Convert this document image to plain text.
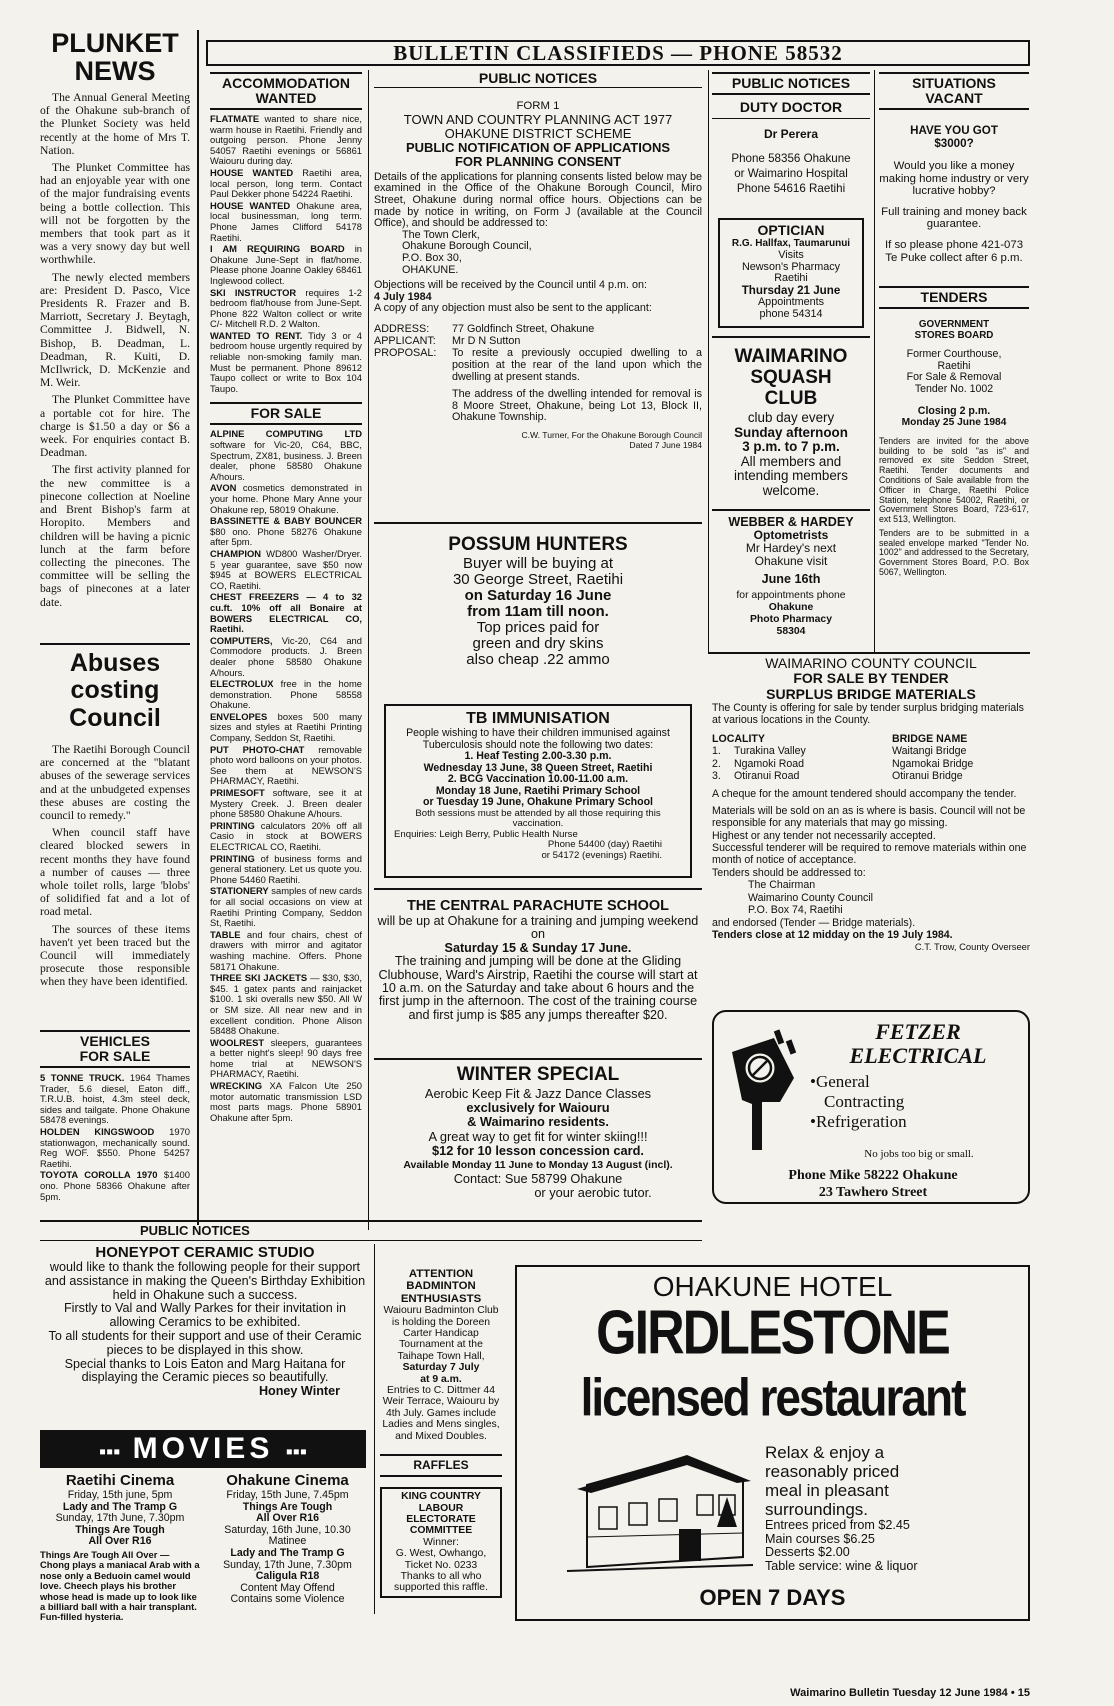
PLUNKET
NEWS

The Annual General Meeting of the Ohakune sub-branch of the Plunket Society was held recently at the home of Mrs T. Nation.

The Plunket Committee has had an enjoyable year with one of the major fundraising events being a bottle collection. This will not be forgotten by the members that took part as it was a very snowy day but well worthwhile.

The newly elected members are: President D. Pasco, Vice Presidents R. Frazer and B. Marriott, Secretary J. Beytagh, Committee J. Bidwell, N. Bishop, B. Deadman, L. Deadman, R. Kuiti, D. McIlwrick, D. McKenzie and M. Weir.

The Plunket Committee have a portable cot for hire. The charge is $1.50 a day or $6 a week. For enquiries contact B. Deadman.

The first activity planned for the new committee is a pinecone collection at Noeline and Brent Bishop's farm at Horopito. Members and children will be having a picnic lunch at the farm before collecting the pinecones. The committee will be selling the bags of pinecones at a later date.

Abuses
costing
Council

The Raetihi Borough Council are concerned at the "blatant abuses of the sewerage services and at the unbudgeted expenses these abuses are costing the council to remedy."

When council staff have cleared blocked sewers in recent months they have found a number of causes — three whole toilet rolls, large 'blobs' of solidified fat and a lot of road metal.

The sources of these items haven't yet been traced but the Council will immediately prosecute those responsible when they have been identified.

VEHICLES
FOR SALE

5 TONNE TRUCK. 1964 Thames Trader, 5.6 diesel, Eaton diff., T.R.U.B. hoist, 4.3m steel deck, sides and tailgate. Phone Ohakune 58478 evenings.

HOLDEN KINGSWOOD 1970 stationwagon, mechanically sound. Reg WOF. $550. Phone 54257 Raetihi.

TOYOTA COROLLA 1970 $1400 ono. Phone 58366 Ohakune after 5pm.

BULLETIN CLASSIFIEDS — PHONE 58532
ACCOMMODATION
WANTED

FLATMATE wanted to share nice, warm house in Raetihi. Friendly and outgoing person. Phone Jenny 54057 Raetihi evenings or 56861 Waiouru during day.

HOUSE WANTED Raetihi area, local person, long term. Contact Paul Dekker phone 54224 Raetihi.

HOUSE WANTED Ohakune area, local businessman, long term. Phone James Clifford 54178 Raetihi.

I AM REQUIRING BOARD in Ohakune June-Sept in flat/home. Please phone Joanne Oakley 68461 Inglewood collect.

SKI INSTRUCTOR requires 1-2 bedroom flat/house from June-Sept. Phone 822 Walton collect or write C/- Mitchell R.D. 2 Walton.

WANTED TO RENT. Tidy 3 or 4 bedroom house urgently required by reliable non-smoking family man. Must be permanent. Phone 89612 Taupo collect or write to Box 104 Taupo.

FOR SALE

ALPINE COMPUTING LTD software for Vic-20, C64, BBC, Spectrum, ZX81, business. J. Breen dealer, phone 58580 Ohakune A/hours.

AVON cosmetics demonstrated in your home. Phone Mary Anne your Ohakune rep, 58019 Ohakune.

BASSINETTE & BABY BOUNCER $80 ono. Phone 58276 Ohakune after 5pm.

CHAMPION WD800 Washer/Dryer. 5 year guarantee, save $50 now $945 at BOWERS ELECTRICAL CO, Raetihi.

CHEST FREEZERS — 4 to 32 cu.ft. 10% off all Bonaire at BOWERS ELECTRICAL CO, Raetihi.

COMPUTERS, Vic-20, C64 and Commodore products. J. Breen dealer phone 58580 Ohakune A/hours.

ELECTROLUX free in the home demonstration. Phone 58558 Ohakune.

ENVELOPES boxes 500 many sizes and styles at Raetihi Printing Company, Seddon St, Raetihi.

PUT PHOTO-CHAT removable photo word balloons on your photos. See them at NEWSON'S PHARMACY, Raetihi.

PRIMESOFT software, see it at Mystery Creek. J. Breen dealer phone 58580 Ohakune A/hours.

PRINTING calculators 20% off all Casio in stock at BOWERS ELECTRICAL CO, Raetihi.

PRINTING of business forms and general stationery. Let us quote you. Phone 54460 Raetihi.

STATIONERY samples of new cards for all social occasions on view at Raetihi Printing Company, Seddon St, Raetihi.

TABLE and four chairs, chest of drawers with mirror and agitator washing machine. Offers. Phone 58171 Ohakune.

THREE SKI JACKETS — $30, $30, $45. 1 gatex pants and rainjacket $100. 1 ski overalls new $50. All W or SM size. All near new and in excellent condition. Phone Alison 58488 Ohakune.

WOOLREST sleepers, guarantees a better night's sleep! 90 days free home trial at NEWSON'S PHARMACY, Raetihi.

WRECKING XA Falcon Ute 250 motor automatic transmission LSD most parts mags. Phone 58901 Ohakune after 5pm.

PUBLIC NOTICES
FORM 1
TOWN AND COUNTRY PLANNING ACT 1977
OHAKUNE DISTRICT SCHEME
PUBLIC NOTIFICATION OF APPLICATIONS
FOR PLANNING CONSENT
Details of the applications for planning consents listed below may be examined in the Office of the Ohakune Borough Council, Miro Street, Ohakune during normal office hours. Objections can be made by notice in writing, on Form J (available at the Council Office), and should be addressed to:
The Town Clerk,
Ohakune Borough Council,
P.O. Box 30,
OHAKUNE.
Objections will be received by the Council until 4 p.m. on:
4 July 1984
A copy of any objection must also be sent to the applicant:
ADDRESS:	77 Goldfinch Street, Ohakune
APPLICANT:	Mr D N Sutton
PROPOSAL:	To resite a previously occupied dwelling to a position at the rear of the land upon which the dwelling at present stands.
The address of the dwelling intended for removal is 8 Moore Street, Ohakune, being Lot 13, Block II, Ohakune Township.
C.W. Turner, For the Ohakune Borough Council
Dated 7 June 1984
POSSUM HUNTERS
Buyer will be buying at
30 George Street, Raetihi
on Saturday 16 June
from 11am till noon.
Top prices paid for
green and dry skins
also cheap .22 ammo
TB IMMUNISATION
People wishing to have their children immunised against Tuberculosis should note the following two dates:
1. Heaf Testing 2.00-3.30 p.m.
Wednesday 13 June, 38 Queen Street, Raetihi
2. BCG Vaccination 10.00-11.00 a.m.
Monday 18 June, Raetihi Primary School
or Tuesday 19 June, Ohakune Primary School
Both sessions must be attended by all those requiring this vaccination.
Enquiries: Leigh Berry, Public Health Nurse
Phone 54400 (day) Raetihi
or 54172 (evenings) Raetihi.
THE CENTRAL PARACHUTE SCHOOL
will be up at Ohakune for a training and jumping weekend on
Saturday 15 & Sunday 17 June.
The training and jumping will be done at the Gliding Clubhouse, Ward's Airstrip, Raetihi the course will start at 10 a.m. on the Saturday and take about 6 hours and the first jump in the afternoon. The cost of the training course and first jump is $85 any jumps thereafter $20.
WINTER SPECIAL
Aerobic Keep Fit & Jazz Dance Classes
exclusively for Waiouru
& Waimarino residents.
A great way to get fit for winter skiing!!!
$12 for 10 lesson concession card.
Available Monday 11 June to Monday 13 August (incl).
Contact: Sue 58799 Ohakune
or your aerobic tutor.
PUBLIC NOTICES
DUTY DOCTOR
Dr Perera
Phone 58356 Ohakune
or Waimarino Hospital
Phone 54616 Raetihi
OPTICIAN
R.G. Hallfax, Taumarunui
Visits
Newson's Pharmacy
Raetihi
Thursday 21 June
Appointments
phone 54314
WAIMARINO
SQUASH
CLUB
club day every
Sunday afternoon
3 p.m. to 7 p.m.
All members and
intending members
welcome.
WEBBER & HARDEY
Optometrists
Mr Hardey's next
Ohakune visit
June 16th
for appointments phone
Ohakune
Photo Pharmacy
58304
SITUATIONS
VACANT
HAVE YOU GOT
$3000?
Would you like a money making home industry or very lucrative hobby?
Full training and money back guarantee.
If so please phone 421-073 Te Puke collect after 6 p.m.
TENDERS
GOVERNMENT
STORES BOARD
Former Courthouse,
Raetihi
For Sale & Removal
Tender No. 1002
Closing 2 p.m.
Monday 25 June 1984
Tenders are invited for the above building to be sold "as is" and removed ex site Seddon Street, Raetihi. Tender documents and Conditions of Sale available from the Officer in Charge, Raetihi Police Station, telephone 54002, Raetihi, or Government Stores Board, 723-617, ext 513, Wellington.
Tenders are to be submitted in a sealed envelope marked "Tender No. 1002" and addressed to the Secretary, Government Stores Board, P.O. Box 5067, Wellington.
WAIMARINO COUNTY COUNCIL
FOR SALE BY TENDER
SURPLUS BRIDGE MATERIALS
The County is offering for sale by tender surplus bridging materials at various locations in the County.
LOCALITY	BRIDGE NAME
1.	Turakina Valley	Waitangi Bridge
2.	Ngamoki Road	Ngamokai Bridge
3.	Otiranui Road	Otiranui Bridge
A cheque for the amount tendered should accompany the tender.
Materials will be sold on an as is where is basis. Council will not be responsible for any materials that may go missing.
Highest or any tender not necessarily accepted.
Successful tenderer will be required to remove materials within one month of notice of acceptance.
Tenders should be addressed to:
The Chairman
Waimarino County Council
P.O. Box 74, Raetihi
and endorsed (Tender — Bridge materials).
Tenders close at 12 midday on the 19 July 1984.
C.T. Trow, County Overseer
FETZER
ELECTRICAL
•General
Contracting
•Refrigeration
No jobs too big or small.
Phone Mike 58222 Ohakune
23 Tawhero Street
PUBLIC NOTICES
HONEYPOT CERAMIC STUDIO
would like to thank the following people for their support and assistance in making the Queen's Birthday Exhibition held in Ohakune such a success.
Firstly to Val and Wally Parkes for their invitation in allowing Ceramics to be exhibited.
To all students for their support and use of their Ceramic pieces to be displayed in this show.
Special thanks to Lois Eaton and Marg Haitana for displaying the Ceramic pieces so beautifully.
Honey Winter
▪▪▪ MOVIES ▪▪▪
Raetihi Cinema
Friday, 15th june, 5pm
Lady and The Tramp G
Sunday, 17th June, 7.30pm
Things Are Tough
All Over R16
Things Are Tough All Over — Chong plays a maniacal Arab with a nose only a Beduoin camel would love. Cheech plays his brother whose head is made up to look like a billiard ball with a hair transplant. Fun-filled hysteria.
Ohakune Cinema
Friday, 15th June, 7.45pm
Things Are Tough
All Over R16
Saturday, 16th June, 10.30
Matinee
Lady and The Tramp G
Sunday, 17th June, 7.30pm
Caligula R18
Content May Offend
Contains some Violence
ATTENTION
BADMINTON
ENTHUSIASTS
Waiouru Badminton Club is holding the Doreen Carter Handicap Tournament at the Taihape Town Hall,
Saturday 7 July
at 9 a.m.
Entries to C. Dittmer 44 Weir Terrace, Waiouru by 4th July. Games include Ladies and Mens singles, and Mixed Doubles.
RAFFLES
KING COUNTRY
LABOUR
ELECTORATE
COMMITTEE
Winner:
G. West, Owhango,
Ticket No. 0233
Thanks to all who supported this raffle.
OHAKUNE HOTEL
GIRDLESTONE
licensed restaurant
Relax & enjoy a
reasonably priced
meal in pleasant
surroundings.
Entrees priced from $2.45
Main courses $6.25
Desserts $2.00
Table service: wine & liquor
OPEN 7 DAYS
Waimarino Bulletin Tuesday 12 June 1984 • 15
